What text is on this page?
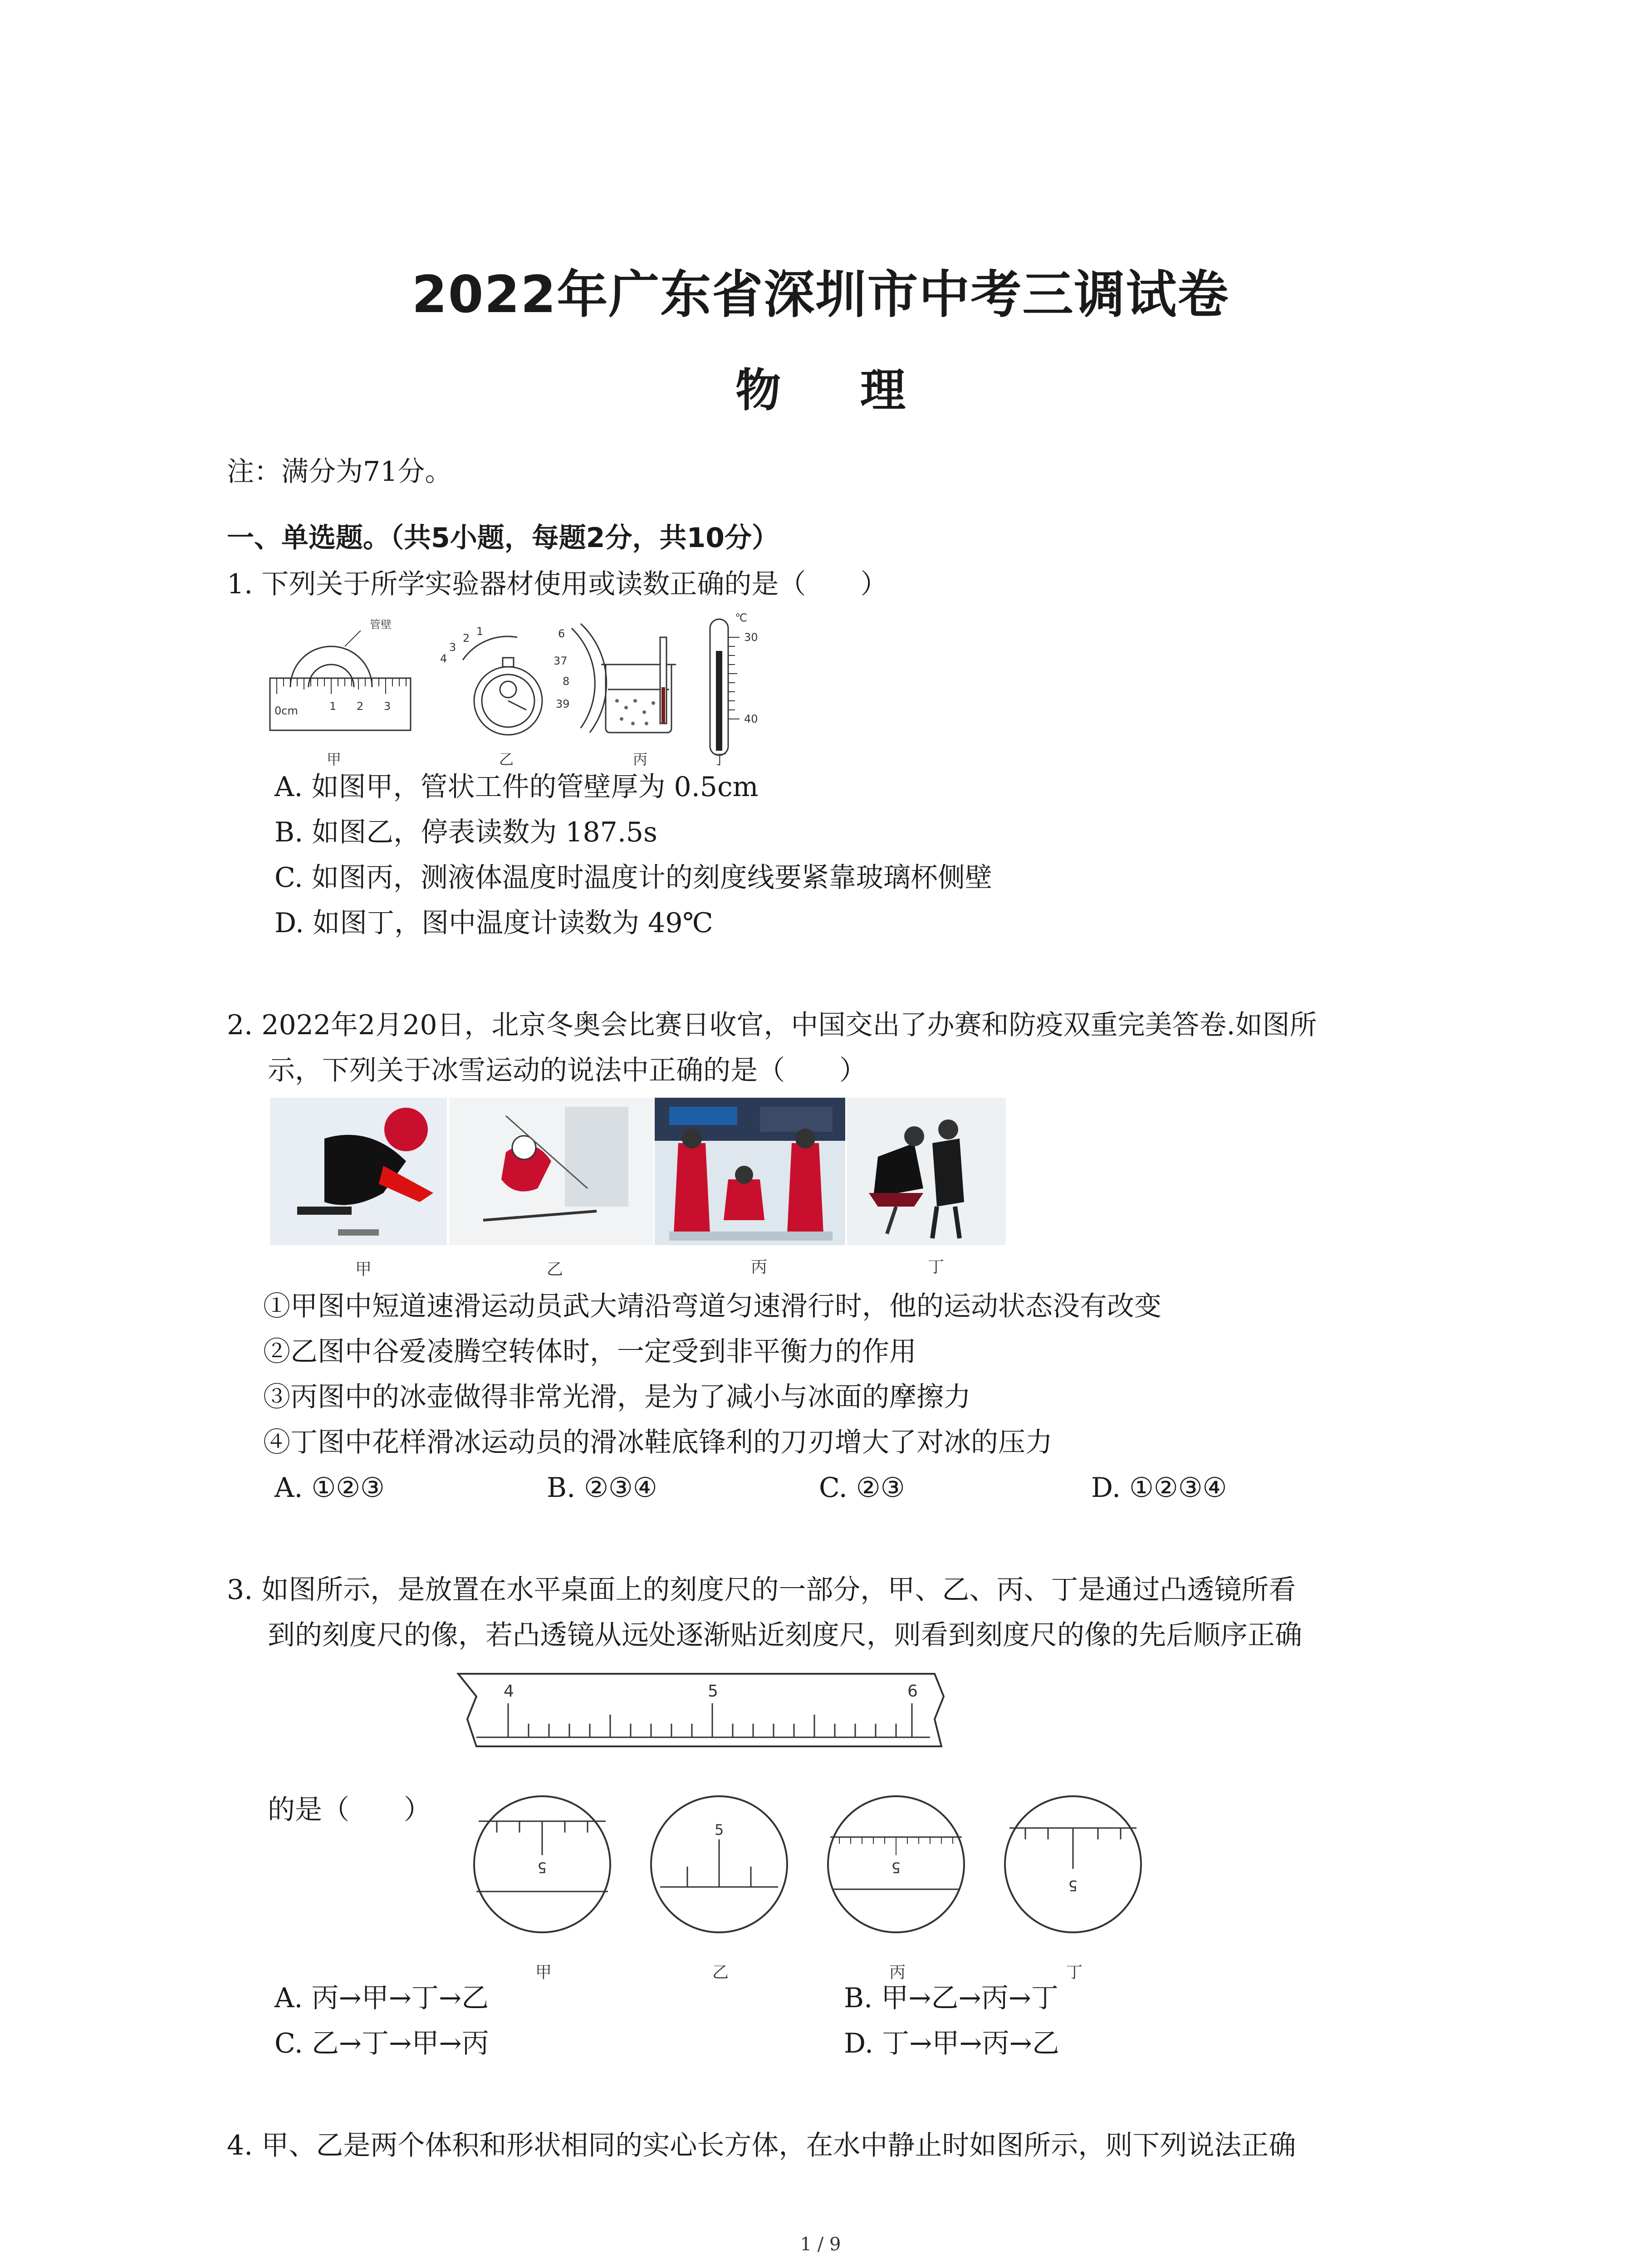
2022年广东省深圳市中考三调试卷
物 理
注：满分为71分。
一、单选题。（共5小题，每题2分，共10分）
1. 下列关于所学实验器材使用或读数正确的是（　　）
管壁
0cm	1 2 3
4
3
2
1	6
37
8
39
℃
30
40
甲	乙	丙	丁
A. 如图甲，管状工件的管壁厚为 0.5cm
B. 如图乙，停表读数为 187.5s
C. 如图丙，测液体温度时温度计的刻度线要紧靠玻璃杯侧壁
D. 如图丁，图中温度计读数为 49℃
2. 2022年2月20日，北京冬奥会比赛日收官，中国交出了办赛和防疫双重完美答卷.如图所
示，下列关于冰雪运动的说法中正确的是（　　）
甲	乙	丙	丁
①甲图中短道速滑运动员武大靖沿弯道匀速滑行时，他的运动状态没有改变
②乙图中谷爱凌腾空转体时，一定受到非平衡力的作用
③丙图中的冰壶做得非常光滑，是为了减小与冰面的摩擦力
④丁图中花样滑冰运动员的滑冰鞋底锋利的刀刃增大了对冰的压力
A. ①②③	B. ②③④	C. ②③	D. ①②③④
3. 如图所示，是放置在水平桌面上的刻度尺的一部分，甲、乙、丙、丁是通过凸透镜所看
到的刻度尺的像，若凸透镜从远处逐渐贴近刻度尺，则看到刻度尺的像的先后顺序正确
4	5	6
的是（　　）
5
5
5
5
甲	乙	丙	丁
A. 丙→甲→丁→乙	B. 甲→乙→丙→丁
C. 乙→丁→甲→丙	D. 丁→甲→丙→乙
4. 甲、乙是两个体积和形状相同的实心长方体，在水中静止时如图所示，则下列说法正确
1 / 9
